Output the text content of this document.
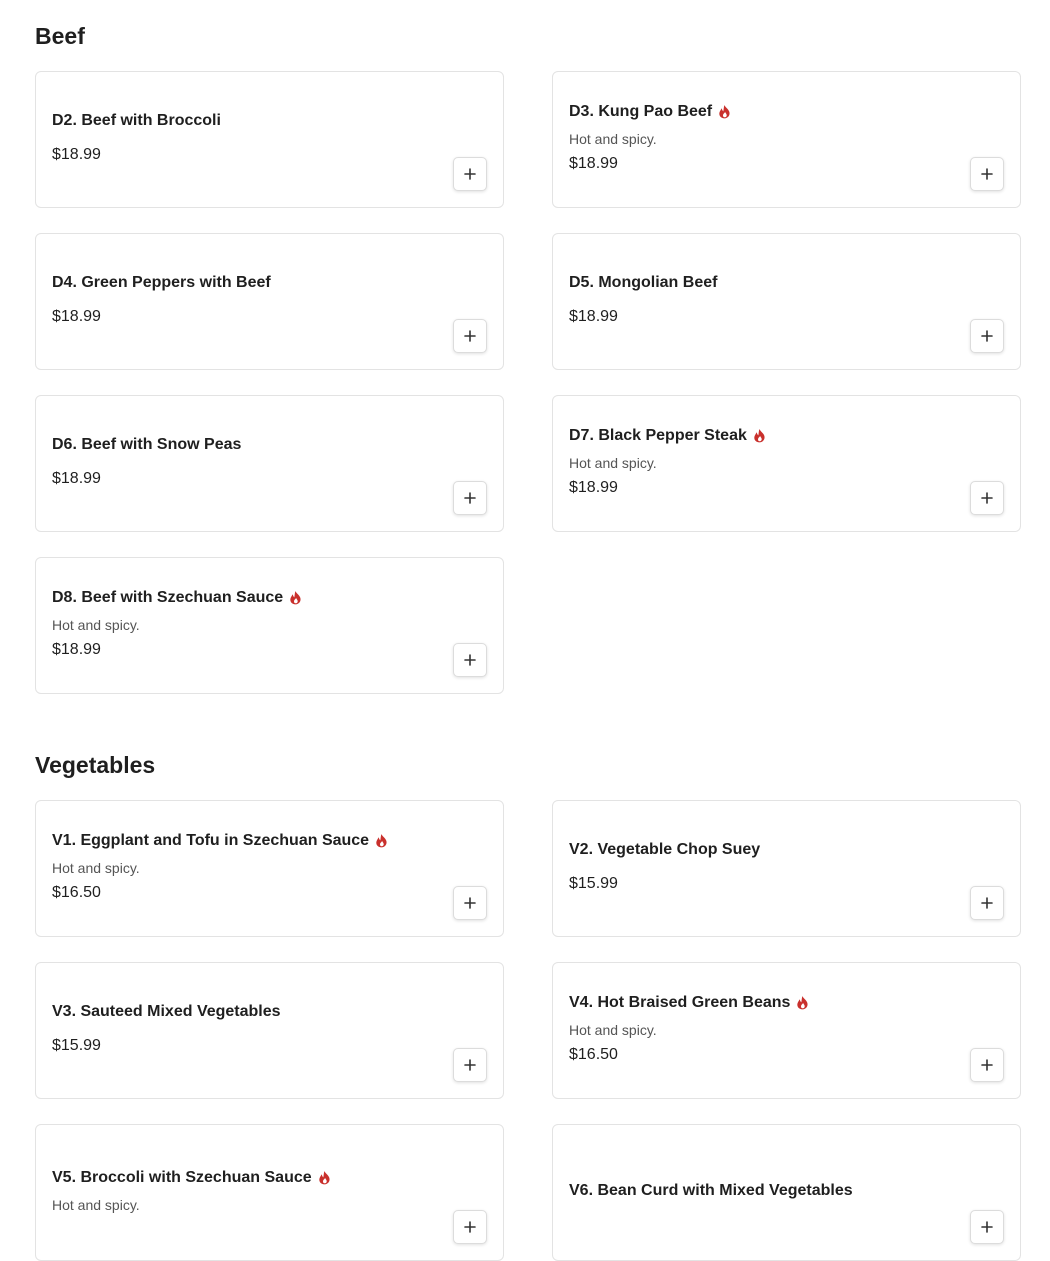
Beef
D2. Beef with Broccoli
$18.99
D3. Kung Pao Beef
Hot and spicy.
$18.99
D4. Green Peppers with Beef
$18.99
D5. Mongolian Beef
$18.99
D6. Beef with Snow Peas
$18.99
D7. Black Pepper Steak
Hot and spicy.
$18.99
D8. Beef with Szechuan Sauce
Hot and spicy.
$18.99
Vegetables
V1. Eggplant and Tofu in Szechuan Sauce
Hot and spicy.
$16.50
V2. Vegetable Chop Suey
$15.99
V3. Sauteed Mixed Vegetables
$15.99
V4. Hot Braised Green Beans
Hot and spicy.
$16.50
V5. Broccoli with Szechuan Sauce
Hot and spicy.
V6. Bean Curd with Mixed Vegetables
